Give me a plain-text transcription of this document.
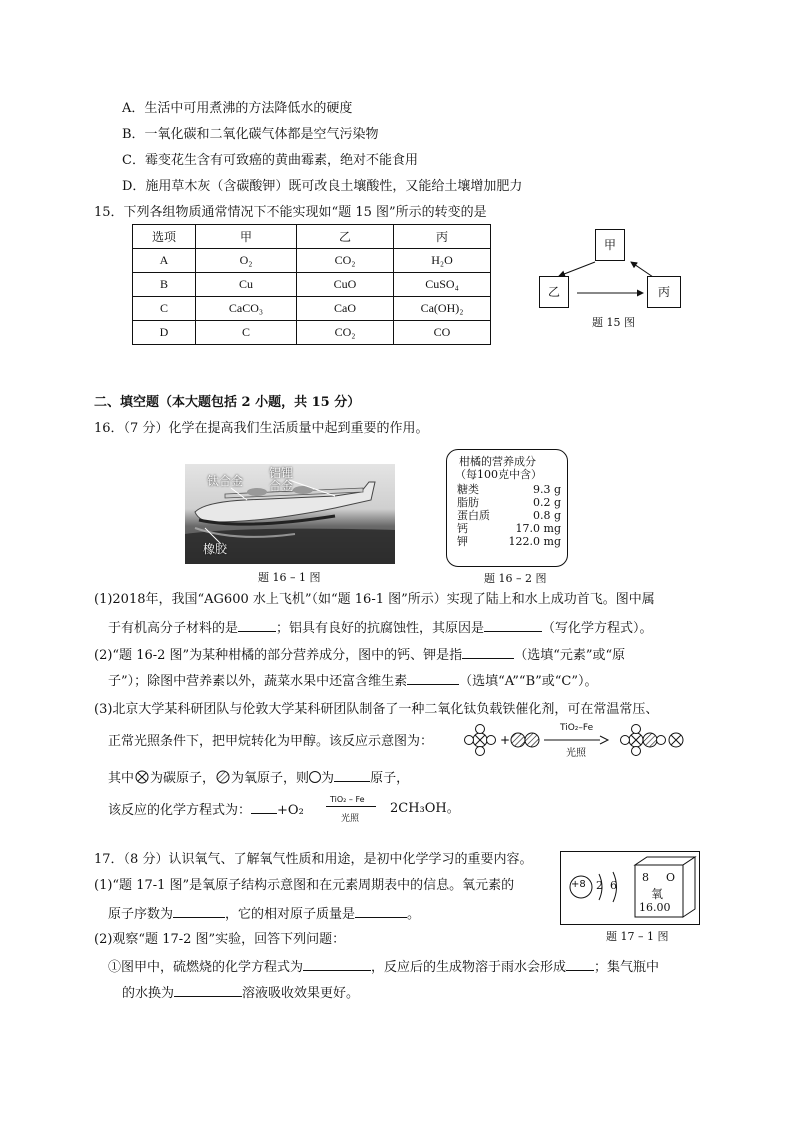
A．生活中可用煮沸的方法降低水的硬度
B．一氧化碳和二氧化碳气体都是空气污染物
C．霉变花生含有可致癌的黄曲霉素，绝对不能食用
D．施用草木灰（含碳酸钾）既可改良土壤酸性，又能给土壤增加肥力
15．下列各组物质通常情况下不能实现如“题 15 图”所示的转变的是
选项	甲	乙	丙
A	O₂	CO₂	H₂O
B	Cu	CuO	CuSO₄
C	CaCO₃	CaO	Ca(OH)₂
D	C	CO₂	CO
甲
乙	丙
题 15 图
二、填空题（本大题包括 2 小题，共 15 分）
16．（7 分）化学在提高我们生活质量中起到重要的作用。
钛合金
铝锂
合金
橡胶
题 16 – 1 图
柑橘的营养成分
（每100克中含）
糖类	9.3 g
脂肪	0.2 g
蛋白质	0.8 g
钙	17.0 mg
钾	122.0 mg
题 16 – 2 图
(1)2018年，我国“AG600 水上飞机”（如“题 16-1 图”所示）实现了陆上和水上成功首飞。图中属
于有机高分子材料的是	；铝具有良好的抗腐蚀性，其原因是	（写化学方程式）。
(2)“题 16-2 图”为某种柑橘的部分营养成分，图中的钙、钾是指	（选填“元素”或“原
子”）；除图中营养素以外，蔬菜水果中还富含维生素	（选填“A”“B”或“C”）。
(3)北京大学某科研团队与伦敦大学某科研团队制备了一种二氧化钛负载铁催化剂，可在常温常压、
正常光照条件下，把甲烷转化为甲醇。该反应示意图为：	+
TiO₂–Fe
光照
其中 为碳原子， 为氧原子，则 为	原子，
该反应的化学方程式为： +O₂
TiO₂ – Fe
光照
2CH₃OH。
17．（8 分）认识氧气、了解氧气性质和用途，是初中化学学习的重要内容。
(1)“题 17-1 图”是氧原子结构示意图和在元素周期表中的信息。氧元素的
原子序数为	，它的相对原子质量是	。
(2)观察“题 17-2 图”实验，回答下列问题：
①图甲中，硫燃烧的化学方程式为	，反应后的生成物溶于雨水会形成 ；集气瓶中
的水换为	溶液吸收效果更好。
+8 2 6
8 O
氧
16.00
题 17 – 1 图
